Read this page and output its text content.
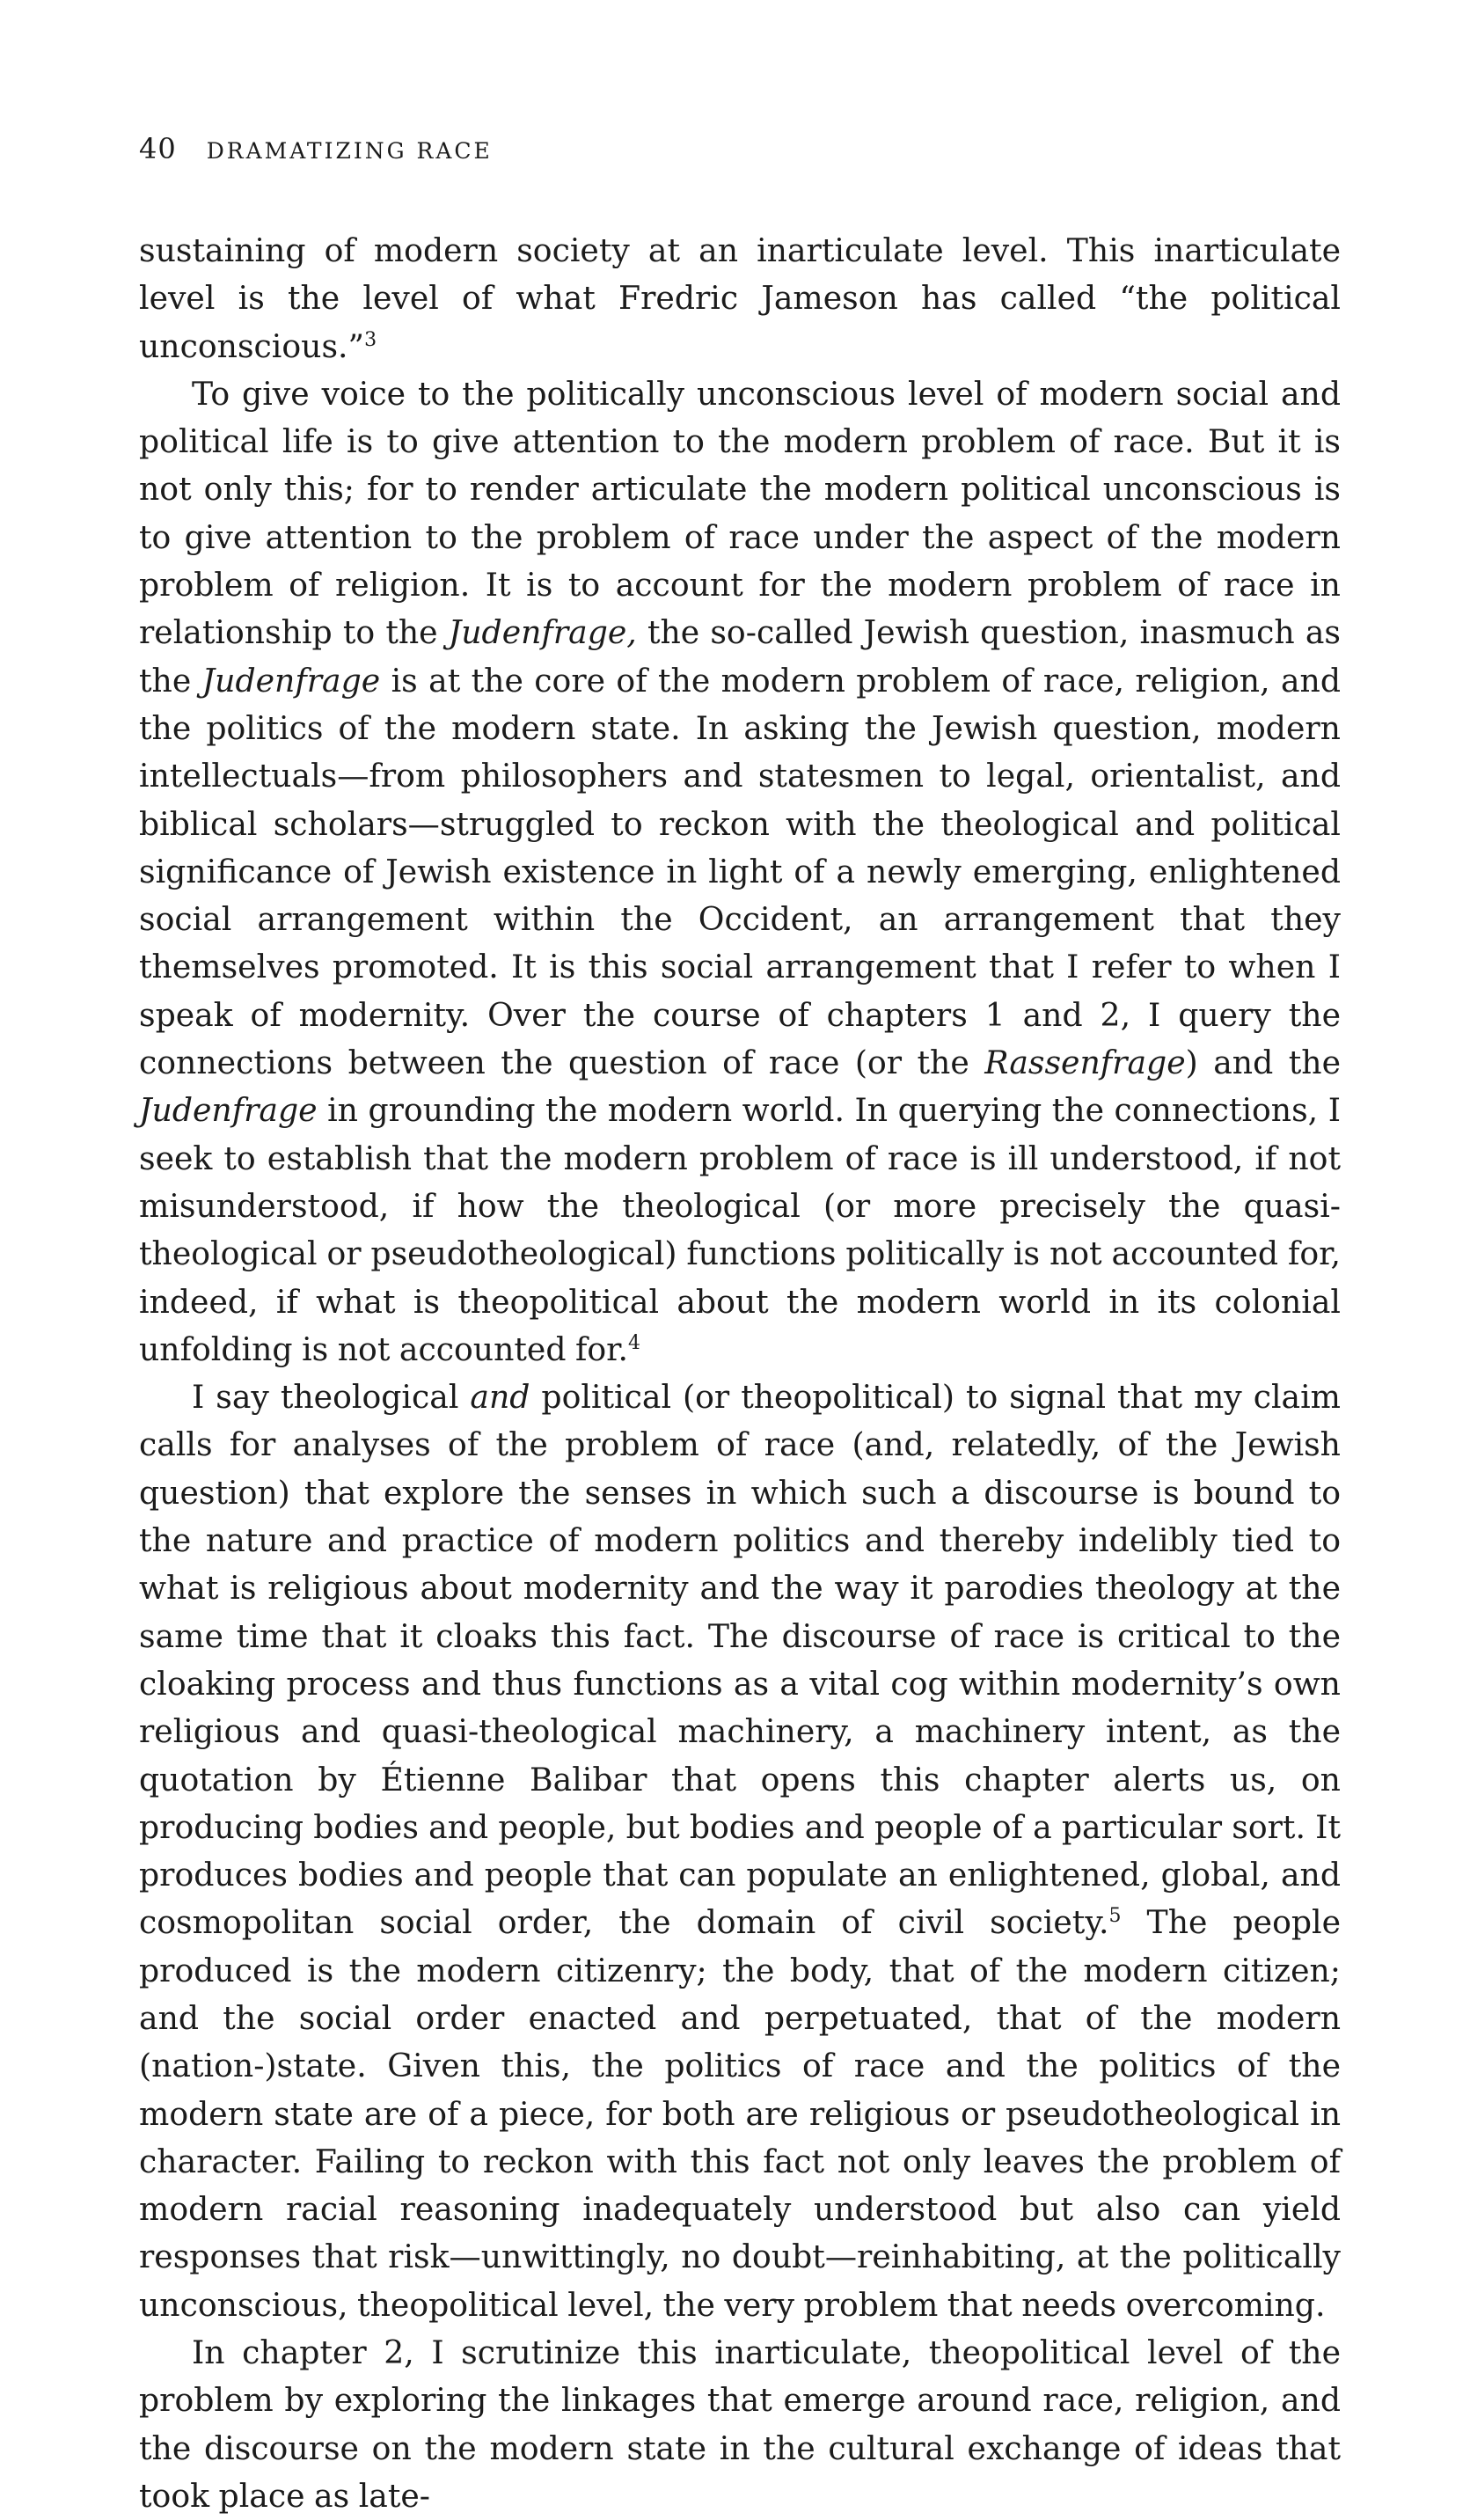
40 DRAMATIZING RACE

sustaining of modern society at an inarticulate level. This inarticulate level is the level of what Fredric Jameson has called “the political unconscious.”$^3$

To give voice to the politically unconscious level of modern social and political life is to give attention to the modern problem of race. But it is not only this; for to render articulate the modern political unconscious is to give attention to the problem of race under the aspect of the modern problem of religion. It is to account for the modern problem of race in relationship to the Judenfrage, the so-called Jewish question, inasmuch as the Judenfrage is at the core of the modern problem of race, religion, and the politics of the modern state. In asking the Jewish question, modern intellectuals—from philosophers and statesmen to legal, orientalist, and biblical scholars—struggled to reckon with the theological and political significance of Jewish existence in light of a newly emerging, enlightened social arrangement within the Occident, an arrangement that they themselves promoted. It is this social arrangement that I refer to when I speak of modernity. Over the course of chapters 1 and 2, I query the connections between the question of race (or the Rassenfrage) and the Judenfrage in grounding the modern world. In querying the connections, I seek to establish that the modern problem of race is ill understood, if not misunderstood, if how the theological (or more precisely the quasi-theological or pseudotheological) functions politically is not accounted for, indeed, if what is theopolitical about the modern world in its colonial unfolding is not accounted for.$^4$

I say theological and political (or theopolitical) to signal that my claim calls for analyses of the problem of race (and, relatedly, of the Jewish question) that explore the senses in which such a discourse is bound to the nature and practice of modern politics and thereby indelibly tied to what is religious about modernity and the way it parodies theology at the same time that it cloaks this fact. The discourse of race is critical to the cloaking process and thus functions as a vital cog within modernity’s own religious and quasi-theological machinery, a machinery intent, as the quotation by Étienne Balibar that opens this chapter alerts us, on producing bodies and people, but bodies and people of a particular sort. It produces bodies and people that can populate an enlightened, global, and cosmopolitan social order, the domain of civil society.$^5$ The people produced is the modern citizenry; the body, that of the modern citizen; and the social order enacted and perpetuated, that of the modern (nation-)state. Given this, the politics of race and the politics of the modern state are of a piece, for both are religious or pseudotheological in character. Failing to reckon with this fact not only leaves the problem of modern racial reasoning inadequately understood but also can yield responses that risk—unwittingly, no doubt—reinhabiting, at the politically unconscious, theopolitical level, the very problem that needs overcoming.

In chapter 2, I scrutinize this inarticulate, theopolitical level of the problem by exploring the linkages that emerge around race, religion, and the discourse on the modern state in the cultural exchange of ideas that took place as late-
